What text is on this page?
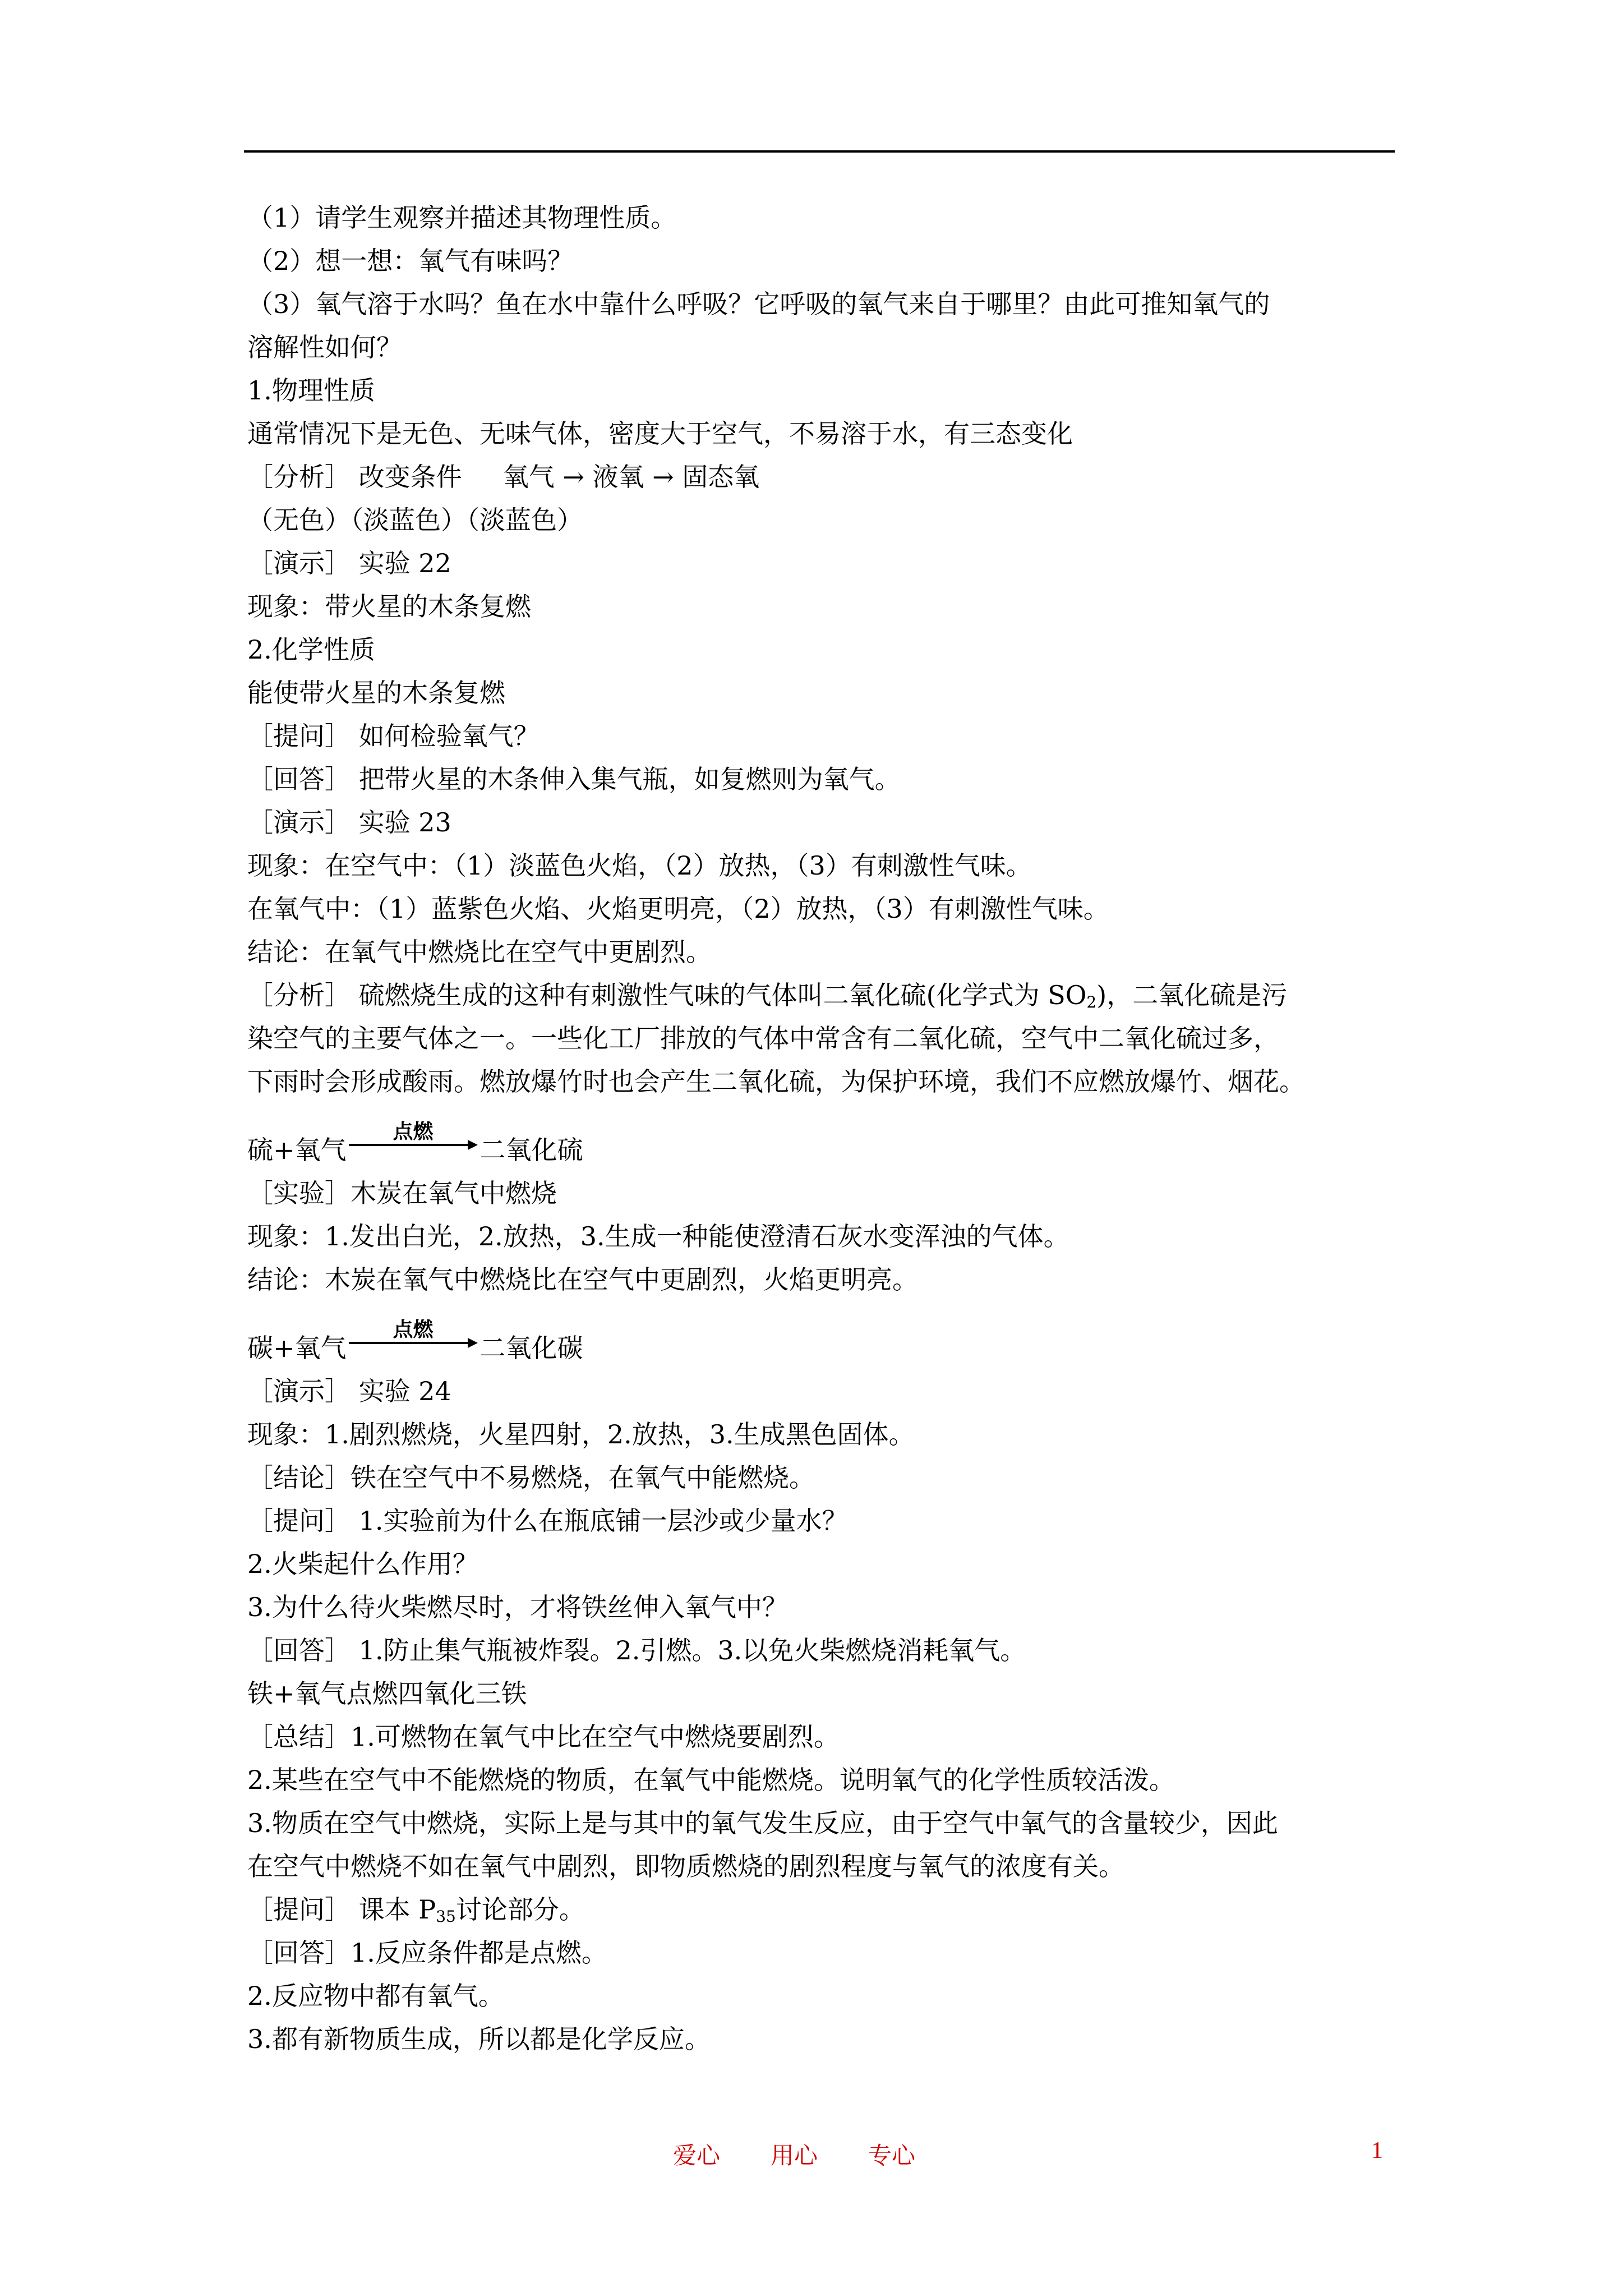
（1）请学生观察并描述其物理性质。
（2）想一想：氧气有味吗？
（3）氧气溶于水吗？鱼在水中靠什么呼吸？它呼吸的氧气来自于哪里？由此可推知氧气的
溶解性如何？
1.物理性质
通常情况下是无色、无味气体，密度大于空气，不易溶于水，有三态变化
［分析］ 改变条件     氧气 → 液氧 → 固态氧
（无色）（淡蓝色）（淡蓝色）
［演示］ 实验 22
现象：带火星的木条复燃
2.化学性质
能使带火星的木条复燃
［提问］ 如何检验氧气？
［回答］ 把带火星的木条伸入集气瓶，如复燃则为氧气。
［演示］ 实验 23
现象：在空气中：（1）淡蓝色火焰，（2）放热，（3）有刺激性气味。
在氧气中：（1）蓝紫色火焰、火焰更明亮，（2）放热，（3）有刺激性气味。
结论：在氧气中燃烧比在空气中更剧烈。
［分析］ 硫燃烧生成的这种有刺激性气味的气体叫二氧化硫(化学式为 $SO_2$)，二氧化硫是污
染空气的主要气体之一。一些化工厂排放的气体中常含有二氧化硫，空气中二氧化硫过多，
下雨时会形成酸雨。燃放爆竹时也会产生二氧化硫，为保护环境，我们不应燃放爆竹、烟花。
硫+氧气

点燃

二氧化硫
［实验］木炭在氧气中燃烧
现象：1.发出白光，2.放热，3.生成一种能使澄清石灰水变浑浊的气体。
结论：木炭在氧气中燃烧比在空气中更剧烈，火焰更明亮。
碳+氧气

点燃

二氧化碳
［演示］ 实验 24
现象：1.剧烈燃烧，火星四射，2.放热，3.生成黑色固体。
［结论］铁在空气中不易燃烧，在氧气中能燃烧。
［提问］ 1.实验前为什么在瓶底铺一层沙或少量水？
2.火柴起什么作用？
3.为什么待火柴燃尽时，才将铁丝伸入氧气中？
［回答］ 1.防止集气瓶被炸裂。2.引燃。3.以免火柴燃烧消耗氧气。
铁+氧气点燃四氧化三铁
［总结］1.可燃物在氧气中比在空气中燃烧要剧烈。
2.某些在空气中不能燃烧的物质，在氧气中能燃烧。说明氧气的化学性质较活泼。
3.物质在空气中燃烧，实际上是与其中的氧气发生反应，由于空气中氧气的含量较少，因此
在空气中燃烧不如在氧气中剧烈，即物质燃烧的剧烈程度与氧气的浓度有关。
［提问］ 课本 $P_{35}$讨论部分。
［回答］1.反应条件都是点燃。
2.反应物中都有氧气。
3.都有新物质生成，所以都是化学反应。
爱心 用心 专心	1
